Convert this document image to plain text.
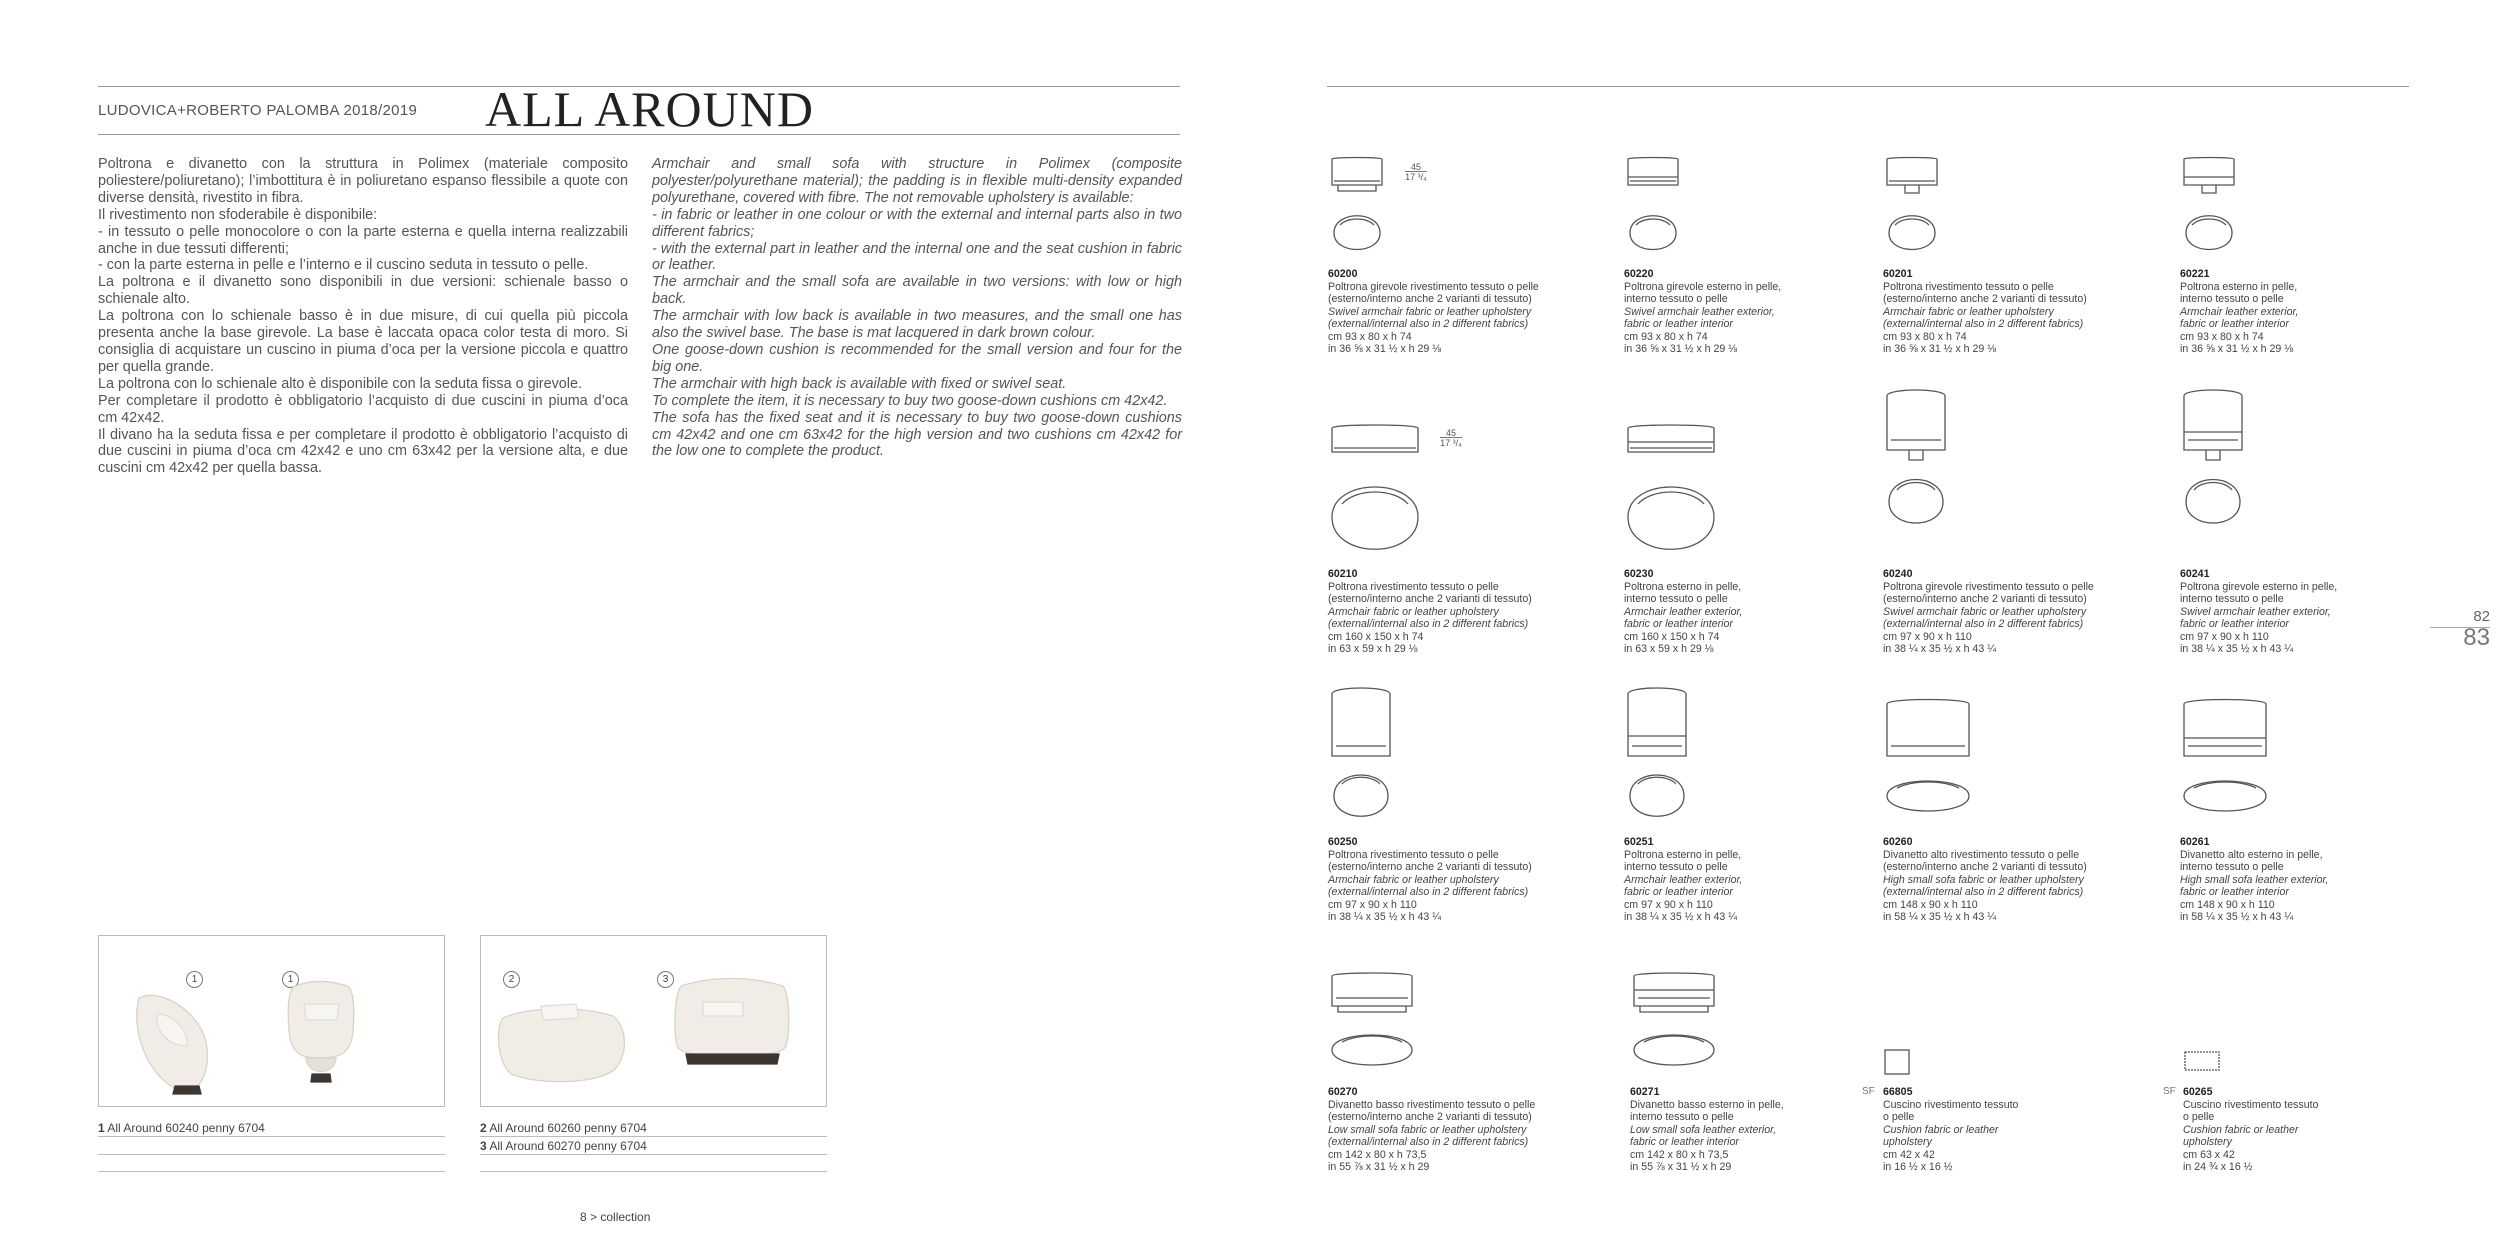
LUDOVICA+ROBERTO PALOMBA 2018/2019 ALL AROUND

Poltrona e divanetto con la struttura in Polimex (materiale composito poliestere/poliuretano); l’imbottitura è in poliuretano espanso flessibile a quote con diverse densità, rivestito in fibra.

Il rivestimento non sfoderabile è disponibile:

- in tessuto o pelle monocolore o con la parte esterna e quella interna realizzabili anche in due tessuti differenti;

- con la parte esterna in pelle e l’interno e il cuscino seduta in tessuto o pelle.

La poltrona e il divanetto sono disponibili in due versioni: schienale basso o schienale alto.

La poltrona con lo schienale basso è in due misure, di cui quella più piccola presenta anche la base girevole. La base è laccata opaca color testa di moro. Si consiglia di acquistare un cuscino in piuma d’oca per la versione piccola e quattro per quella grande.

La poltrona con lo schienale alto è disponibile con la seduta fissa o girevole.

Per completare il prodotto è obbligatorio l’acquisto di due cuscini in piuma d’oca cm 42x42.

Il divano ha la seduta fissa e per completare il prodotto è obbligatorio l’acquisto di due cuscini in piuma d’oca cm 42x42 e uno cm 63x42 per la versione alta, e due cuscini cm 42x42 per quella bassa.

Armchair and small sofa with structure in Polimex (composite polyester/polyurethane material); the padding is in flexible multi-density expanded polyurethane, covered with fibre. The not removable upholstery is available:

- in fabric or leather in one colour or with the external and internal parts also in two different fabrics;

- with the external part in leather and the internal one and the seat cushion in fabric or leather.

The armchair and the small sofa are available in two versions: with low or high back.

The armchair with low back is available in two measures, and the small one has also the swivel base. The base is mat lacquered in dark brown colour.

One goose-down cushion is recommended for the small version and four for the big one.

The armchair with high back is available with fixed or swivel seat.

To complete the item, it is necessary to buy two goose-down cushions cm 42x42.

The sofa has the fixed seat and it is necessary to buy two goose-down cushions cm 42x42 and one cm 63x42 for the high version and two cushions cm 42x42 for the low one to complete the product.

1	1	2	3
1 All Around 60240 penny 6704	2 All Around 60260 penny 6704
3 All Around 60270 penny 6704
8 > collection
82
83
45
17 ³/₄
45
17 ³/₄
SF	SF
60200
Poltrona girevole rivestimento tessuto o pelle
(esterno/interno anche 2 varianti di tessuto)
Swivel armchair fabric or leather upholstery
(external/internal also in 2 different fabrics)
cm 93 x 80 x h 74
in 36 ⅝ x 31 ½ x h 29 ⅛
60220
Poltrona girevole esterno in pelle,
interno tessuto o pelle
Swivel armchair leather exterior,
fabric or leather interior
cm 93 x 80 x h 74
in 36 ⅝ x 31 ½ x h 29 ⅛
60201
Poltrona rivestimento tessuto o pelle
(esterno/interno anche 2 varianti di tessuto)
Armchair fabric or leather upholstery
(external/internal also in 2 different fabrics)
cm 93 x 80 x h 74
in 36 ⅝ x 31 ½ x h 29 ⅛
60221
Poltrona esterno in pelle,
interno tessuto o pelle
Armchair leather exterior,
fabric or leather interior
cm 93 x 80 x h 74
in 36 ⅝ x 31 ½ x h 29 ⅛
60210
Poltrona rivestimento tessuto o pelle
(esterno/interno anche 2 varianti di tessuto)
Armchair fabric or leather upholstery
(external/internal also in 2 different fabrics)
cm 160 x 150 x h 74
in 63 x 59 x h 29 ⅛
60230
Poltrona esterno in pelle,
interno tessuto o pelle
Armchair leather exterior,
fabric or leather interior
cm 160 x 150 x h 74
in 63 x 59 x h 29 ⅛
60240
Poltrona girevole rivestimento tessuto o pelle
(esterno/interno anche 2 varianti di tessuto)
Swivel armchair fabric or leather upholstery
(external/internal also in 2 different fabrics)
cm 97 x 90 x h 110
in 38 ¼ x 35 ½ x h 43 ¼
60241
Poltrona girevole esterno in pelle,
interno tessuto o pelle
Swivel armchair leather exterior,
fabric or leather interior
cm 97 x 90 x h 110
in 38 ¼ x 35 ½ x h 43 ¼
60250
Poltrona rivestimento tessuto o pelle
(esterno/interno anche 2 varianti di tessuto)
Armchair fabric or leather upholstery
(external/internal also in 2 different fabrics)
cm 97 x 90 x h 110
in 38 ¼ x 35 ½ x h 43 ¼
60251
Poltrona esterno in pelle,
interno tessuto o pelle
Armchair leather exterior,
fabric or leather interior
cm 97 x 90 x h 110
in 38 ¼ x 35 ½ x h 43 ¼
60260
Divanetto alto rivestimento tessuto o pelle
(esterno/interno anche 2 varianti di tessuto)
High small sofa fabric or leather upholstery
(external/internal also in 2 different fabrics)
cm 148 x 90 x h 110
in 58 ¼ x 35 ½ x h 43 ¼
60261
Divanetto alto esterno in pelle,
interno tessuto o pelle
High small sofa leather exterior,
fabric or leather interior
cm 148 x 90 x h 110
in 58 ¼ x 35 ½ x h 43 ¼
60270
Divanetto basso rivestimento tessuto o pelle
(esterno/interno anche 2 varianti di tessuto)
Low small sofa fabric or leather upholstery
(external/internal also in 2 different fabrics)
cm 142 x 80 x h 73,5
in 55 ⅞ x 31 ½ x h 29
60271
Divanetto basso esterno in pelle,
interno tessuto o pelle
Low small sofa leather exterior,
fabric or leather interior
cm 142 x 80 x h 73,5
in 55 ⅞ x 31 ½ x h 29
66805
Cuscino rivestimento tessuto
o pelle
Cushion fabric or leather
upholstery
cm 42 x 42
in 16 ½ x 16 ½
60265
Cuscino rivestimento tessuto
o pelle
Cushion fabric or leather
upholstery
cm 63 x 42
in 24 ¾ x 16 ½
